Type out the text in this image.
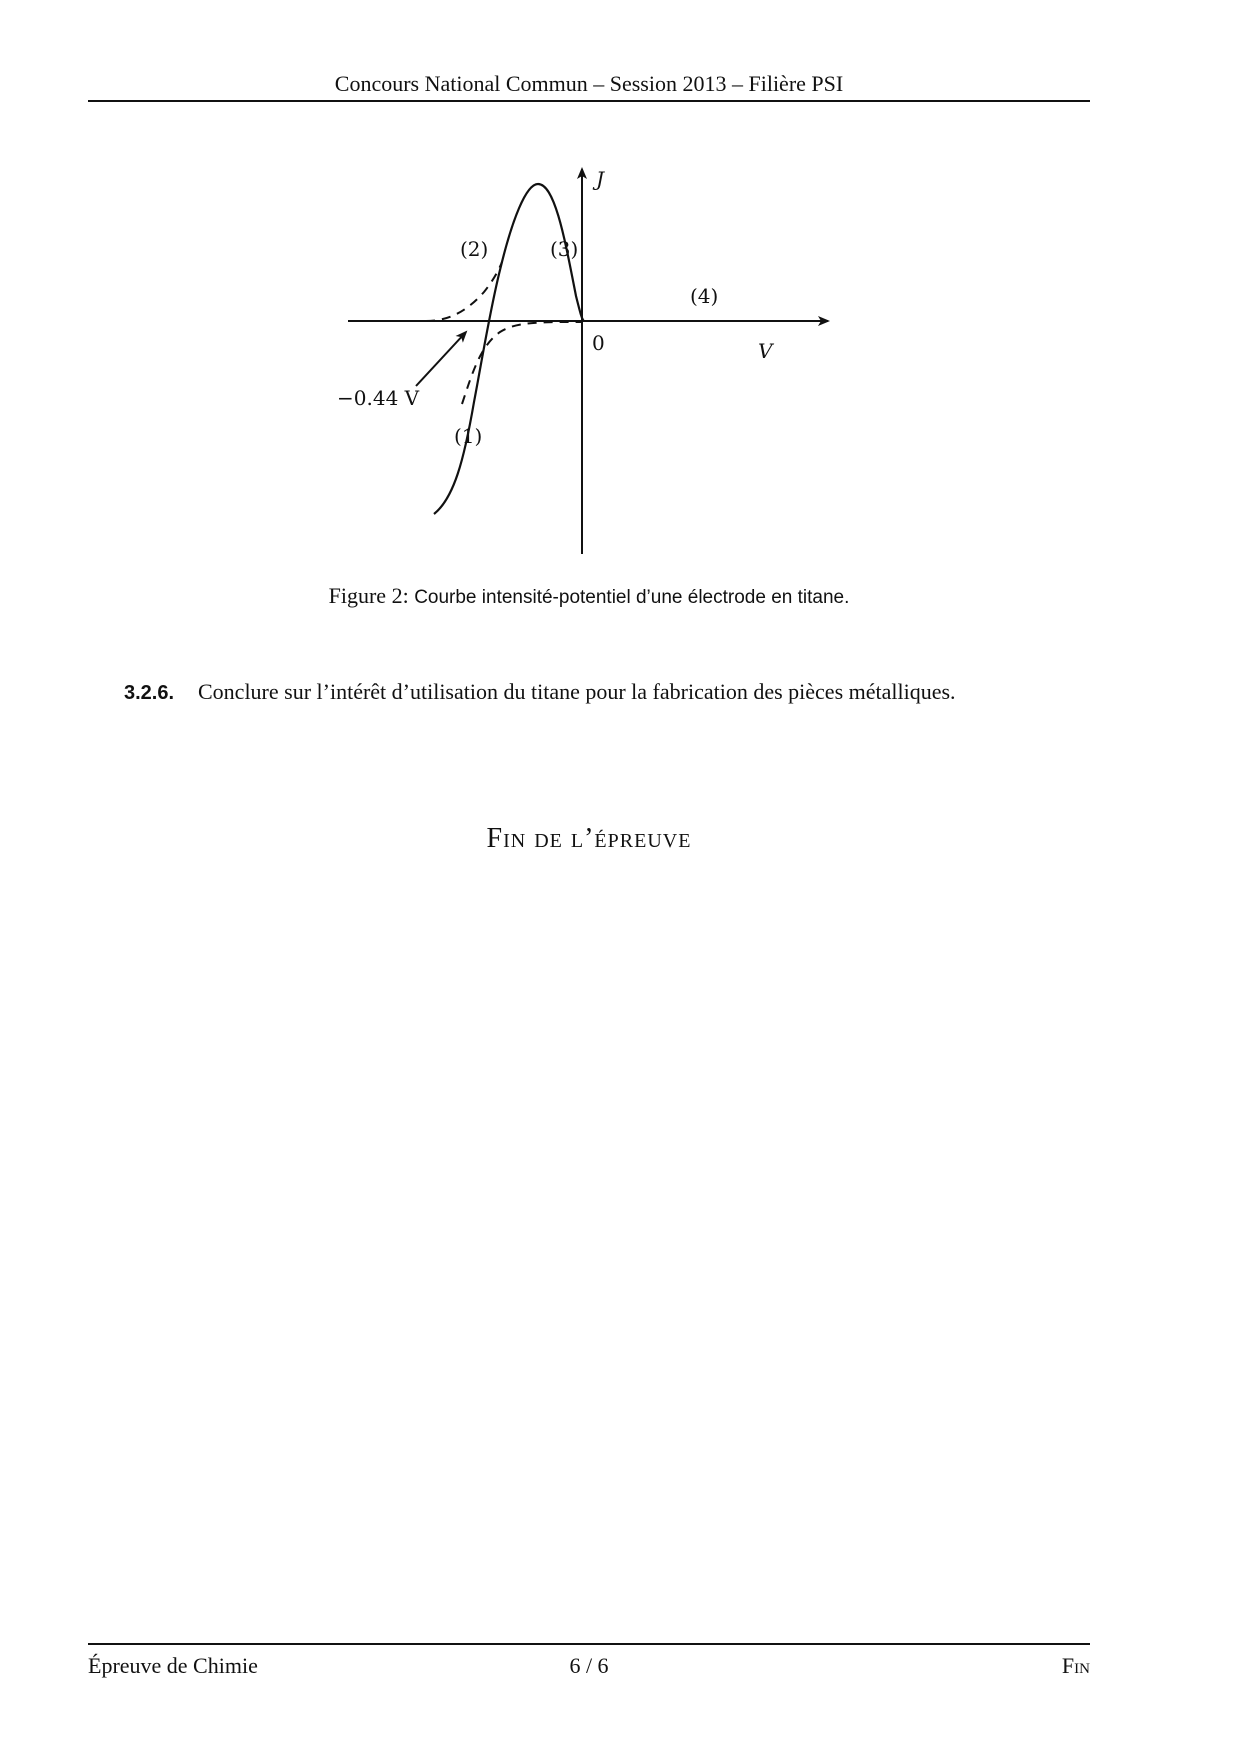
Concours National Commun – Session 2013 – Filière PSI
J
V
0
−0.44 V
(2)	(3)
(4)
(1)
Figure 2: Courbe intensité-potentiel d’une électrode en titane.
3.2.6. Conclure sur l’intérêt d’utilisation du titane pour la fabrication des pièces métalliques.
Fin de l’épreuve
Épreuve de Chimie	6 / 6	Fin
